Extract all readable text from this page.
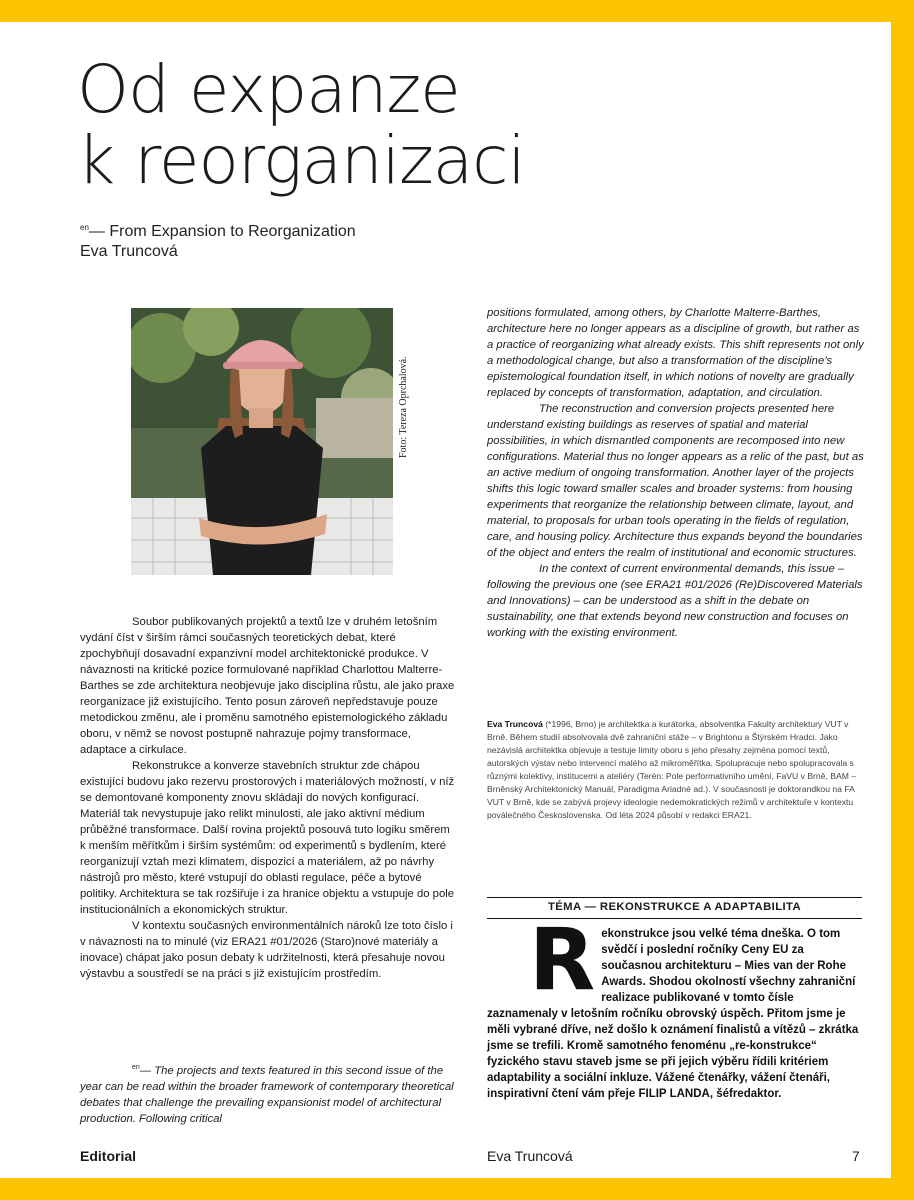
Od expanze
k reorganizaci
$^{en}$— From Expansion to Reorganization
Eva Truncová
Foto: Tereza Oprchalová.

Soubor publikovaných projektů a textů lze v druhém letošním vydání číst v širším rámci současných teoretických debat, které zpochybňují dosavadní expanzivní model architektonické produkce. V návaznosti na kritické pozice formulované například Charlottou Malterre-Barthes se zde architektura neobjevuje jako disciplína růstu, ale jako praxe reorganizace již existujícího. Tento posun zároveň nepředstavuje pouze metodickou změnu, ale i proměnu samotného epistemologického základu oboru, v němž se novost postupně nahrazuje pojmy transformace, adaptace a cirkulace.

Rekonstrukce a konverze stavebních struktur zde chápou existující budovu jako rezervu prostorových i materiálových možností, v níž se demontované komponenty znovu skládají do nových konfigurací. Materiál tak nevystupuje jako relikt minulosti, ale jako aktivní médium průběžné transformace. Další rovina projektů posouvá tuto logiku směrem k menším měřítkům i širším systémům: od experimentů s bydlením, které reorganizují vztah mezi klimatem, dispozicí a materiálem, až po návrhy nástrojů pro město, které vstupují do oblasti regulace, péče a bytové politiky. Architektura se tak rozšiřuje i za hranice objektu a vstupuje do pole institucionálních a ekonomických struktur.

V kontextu současných environmentálních nároků lze toto číslo i v návaznosti na to minulé (viz ERA21 #01/2026 (Staro)nové materiály a inovace) chápat jako posun debaty k udržitelnosti, která přesahuje novou výstavbu a soustředí se na práci s již existujícím prostředím.

$^{en}$— The projects and texts featured in this second issue of the year can be read within the broader framework of contemporary theoretical debates that challenge the prevailing expansionist model of architectural production. Following critical

positions formulated, among others, by Charlotte Malterre-Barthes, architecture here no longer appears as a discipline of growth, but rather as a practice of reorganizing what already exists. This shift represents not only a methodological change, but also a transformation of the discipline’s epistemological foundation itself, in which notions of novelty are gradually replaced by concepts of transformation, adaptation, and circulation.

The reconstruction and conversion projects presented here understand existing buildings as reserves of spatial and material possibilities, in which dismantled components are recomposed into new configurations. Material thus no longer appears as a relic of the past, but as an active medium of ongoing transformation. Another layer of the projects shifts this logic toward smaller scales and broader systems: from housing experiments that reorganize the relationship between climate, layout, and material, to proposals for urban tools operating in the fields of regulation, care, and housing policy. Architecture thus expands beyond the boundaries of the object and enters the realm of institutional and economic structures.

In the context of current environmental demands, this issue – following the previous one (see ERA21 #01/2026 (Re)Discovered Materials and Innovations) – can be understood as a shift in the debate on sustainability, one that extends beyond new construction and focuses on working with the existing environment.

Eva Truncová (*1996, Brno) je architektka a kurátorka, absolventka Fakulty architektury VUT v Brně. Během studií absolvovala dvě zahraniční stáže – v Brightonu a Štýrském Hradci. Jako nezávislá architektka objevuje a testuje limity oboru s jeho přesahy zejména pomocí textů, autorských výstav nebo intervencí malého až mikroměřítka. Spolupracuje nebo spolupracovala s různými kolektivy, institucemi a ateliéry (Terén: Pole performativního umění, FaVU v Brně, BAM – Brněnský Architektonický Manuál, Paradigma Ariadné ad.). V současnosti je doktorandkou na FA VUT v Brně, kde se zabývá projevy ideologie nedemokratických režimů v architektuře v kontextu poválečného Československa. Od léta 2024 působí v redakci ERA21.
TÉMA — REKONSTRUKCE A ADAPTABILITA
Rekonstrukce jsou velké téma dneška. O tom svědčí i poslední ročníky Ceny EU za současnou architekturu – Mies van der Rohe Awards. Shodou okolností všechny zahraniční realizace publikované v tomto čísle zaznamenaly v letošním ročníku obrovský úspěch. Přitom jsme je měli vybrané dříve, než došlo k oznámení finalistů a vítězů – zkrátka jsme se trefili. Kromě samotného fenoménu „re-konstrukce“ fyzického stavu staveb jsme se při jejich výběru řídili kritériem adaptability a sociální inkluze. Vážené čtenářky, vážení čtenáři, inspirativní čtení vám přeje FILIP LANDA, šéfredaktor.
Editorial	Eva Truncová	7
